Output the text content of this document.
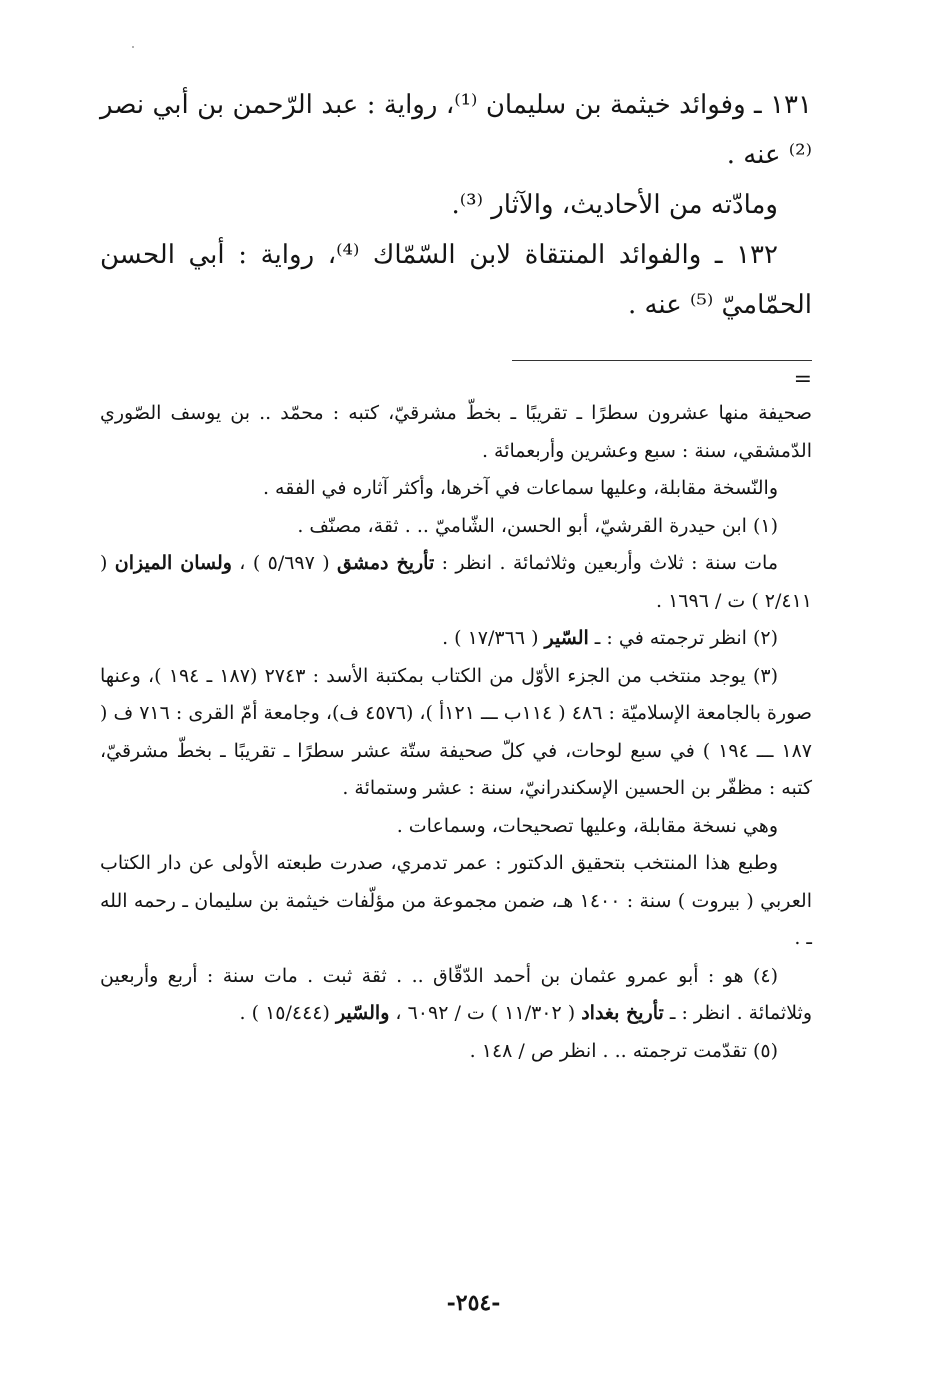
١٣١ ـ وفوائد خيثمة بن سليمان ⁽¹⁾، رواية : عبد الرّحمن بن أبي نصر ⁽²⁾ عنه .

ومادّته من الأحاديث، والآثار ⁽³⁾.

١٣٢ ـ والفوائد المنتقاة لابن السّمّاك ⁽⁴⁾، رواية : أبي الحسن الحمّاميّ ⁽⁵⁾ عنه .

=

صحيفة منها عشرون سطرًا ـ تقريبًا ـ بخطّ مشرقيّ، كتبه : محمّد .. بن يوسف الصّوري الدّمشقي، سنة : سبع وعشرين وأربعمائة .

والنّسخة مقابلة، وعليها سماعات في آخرها، وأكثر آثاره في الفقه .

(١) ابن حيدرة القرشيّ، أبو الحسن، الشّاميّ .. . ثقة، مصنّف .

مات سنة : ثلاث وأربعين وثلاثمائة . انظر : تأريخ دمشق ( ٥/٦٩٧ ) ، ولسان الميزان ( ٢/٤١١ ) ت / ١٦٩٦ .

(٢) انظر ترجمته في : ـ السّير ( ١٧/٣٦٦ ) .

(٣) يوجد منتخب من الجزء الأوّل من الكتاب بمكتبة الأسد : ٢٧٤٣ (١٨٧ ـ ١٩٤ )، وعنها صورة بالجامعة الإسلاميّة : ٤٨٦ ( ١١٤ب ـــ ١٢١أ )، (٤٥٧٦ ف)، وجامعة أمّ القرى : ٧١٦ ف ( ١٨٧ ـــ ١٩٤ ) في سبع لوحات، في كلّ صحيفة ستّة عشر سطرًا ـ تقريبًا ـ بخطّ مشرقيّ، كتبه : مظفّر بن الحسين الإسكندرانيّ، سنة : عشر وستمائة .

وهي نسخة مقابلة، وعليها تصحيحات، وسماعات .

وطبع هذا المنتخب بتحقيق الدكتور : عمر تدمري، صدرت طبعته الأولى عن دار الكتاب العربي ( بيروت ) سنة : ١٤٠٠ هـ، ضمن مجموعة من مؤلّفات خيثمة بن سليمان ـ رحمه الله ـ .

(٤) هو : أبو عمرو عثمان بن أحمد الدّقّاق .. . ثقة ثبت . مات سنة : أربع وأربعين وثلاثمائة . انظر : ـ تأريخ بغداد ( ١١/٣٠٢ ) ت / ٦٠٩٢ ، والسّير (١٥/٤٤٤ ) .

(٥) تقدّمت ترجمته .. . انظر ص / ١٤٨ .

-٢٥٤-
